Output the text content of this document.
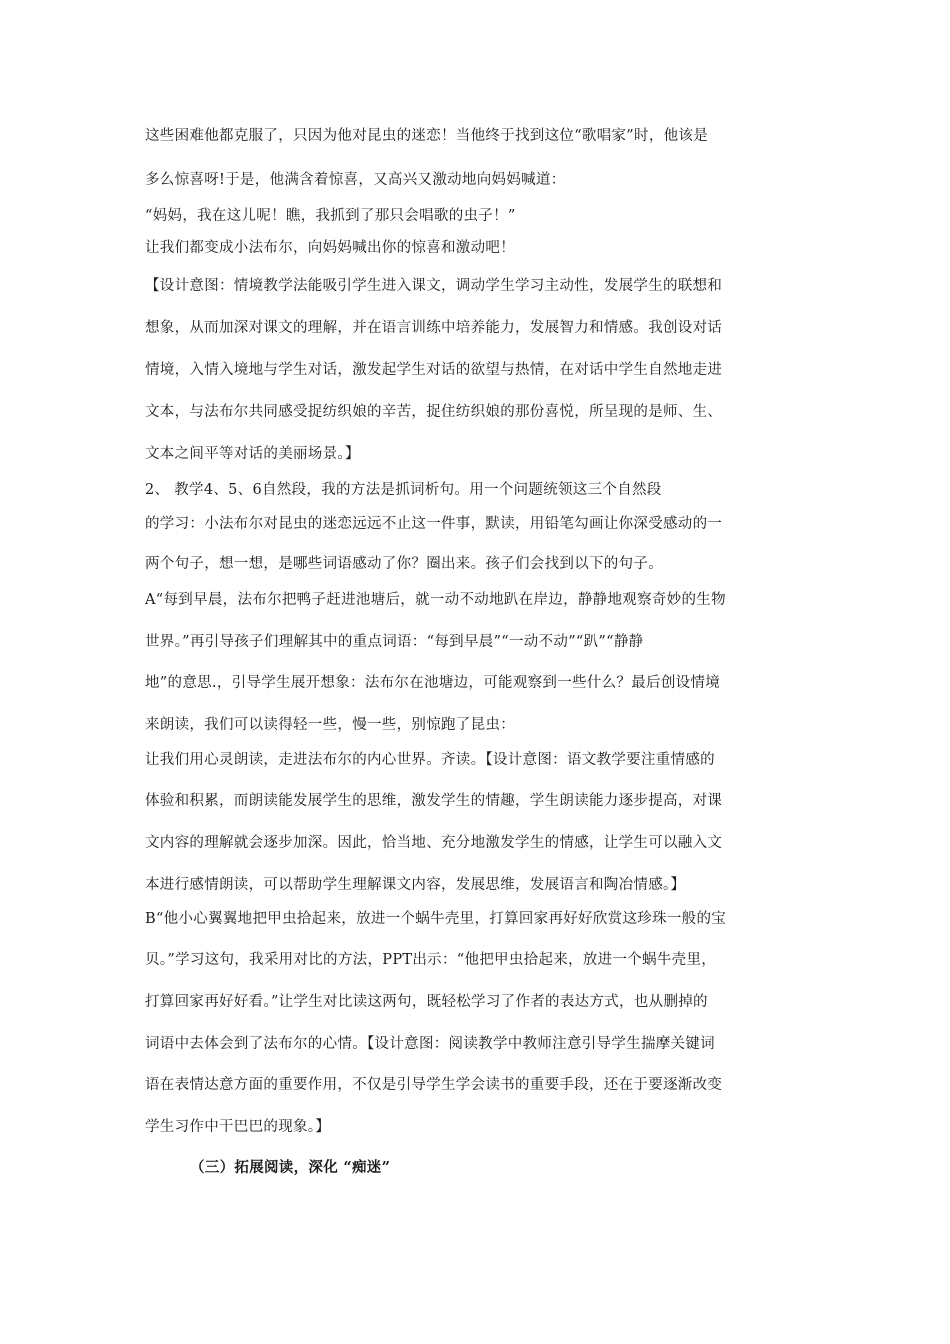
这些困难他都克服了，只因为他对昆虫的迷恋！当他终于找到这位“歌唱家”时，他该是
多么惊喜呀!于是，他满含着惊喜，又高兴又激动地向妈妈喊道：
“妈妈，我在这儿呢！瞧，我抓到了那只会唱歌的虫子！”
让我们都变成小法布尔，向妈妈喊出你的惊喜和激动吧！
【设计意图：情境教学法能吸引学生进入课文，调动学生学习主动性，发展学生的联想和
想象，从而加深对课文的理解，并在语言训练中培养能力，发展智力和情感。我创设对话
情境，入情入境地与学生对话，激发起学生对话的欲望与热情，在对话中学生自然地走进
文本，与法布尔共同感受捉纺织娘的辛苦，捉住纺织娘的那份喜悦，所呈现的是师、生、
文本之间平等对话的美丽场景。】
2、 教学4、5、6自然段，我的方法是抓词析句。用一个问题统领这三个自然段
的学习：小法布尔对昆虫的迷恋远远不止这一件事，默读，用铅笔勾画让你深受感动的一
两个句子，想一想，是哪些词语感动了你？圈出来。孩子们会找到以下的句子。
A“每到早晨，法布尔把鸭子赶进池塘后，就一动不动地趴在岸边，静静地观察奇妙的生物
世界。”再引导孩子们理解其中的重点词语：“每到早晨”“一动不动”“趴”“静静
地”的意思.，引导学生展开想象：法布尔在池塘边，可能观察到一些什么？最后创设情境
来朗读，我们可以读得轻一些，慢一些，别惊跑了昆虫：
让我们用心灵朗读，走进法布尔的内心世界。齐读。【设计意图：语文教学要注重情感的
体验和积累，而朗读能发展学生的思维，激发学生的情趣，学生朗读能力逐步提高，对课
文内容的理解就会逐步加深。因此，恰当地、充分地激发学生的情感，让学生可以融入文
本进行感情朗读，可以帮助学生理解课文内容，发展思维，发展语言和陶冶情感。】
B“他小心翼翼地把甲虫拾起来，放进一个蜗牛壳里，打算回家再好好欣赏这珍珠一般的宝
贝。”学习这句，我采用对比的方法，PPT出示：“他把甲虫拾起来，放进一个蜗牛壳里，
打算回家再好好看。”让学生对比读这两句，既轻松学习了作者的表达方式，也从删掉的
词语中去体会到了法布尔的心情。【设计意图：阅读教学中教师注意引导学生揣摩关键词
语在表情达意方面的重要作用，不仅是引导学生学会读书的重要手段，还在于要逐渐改变
学生习作中干巴巴的现象。】
（三）拓展阅读，深化 “痴迷”
